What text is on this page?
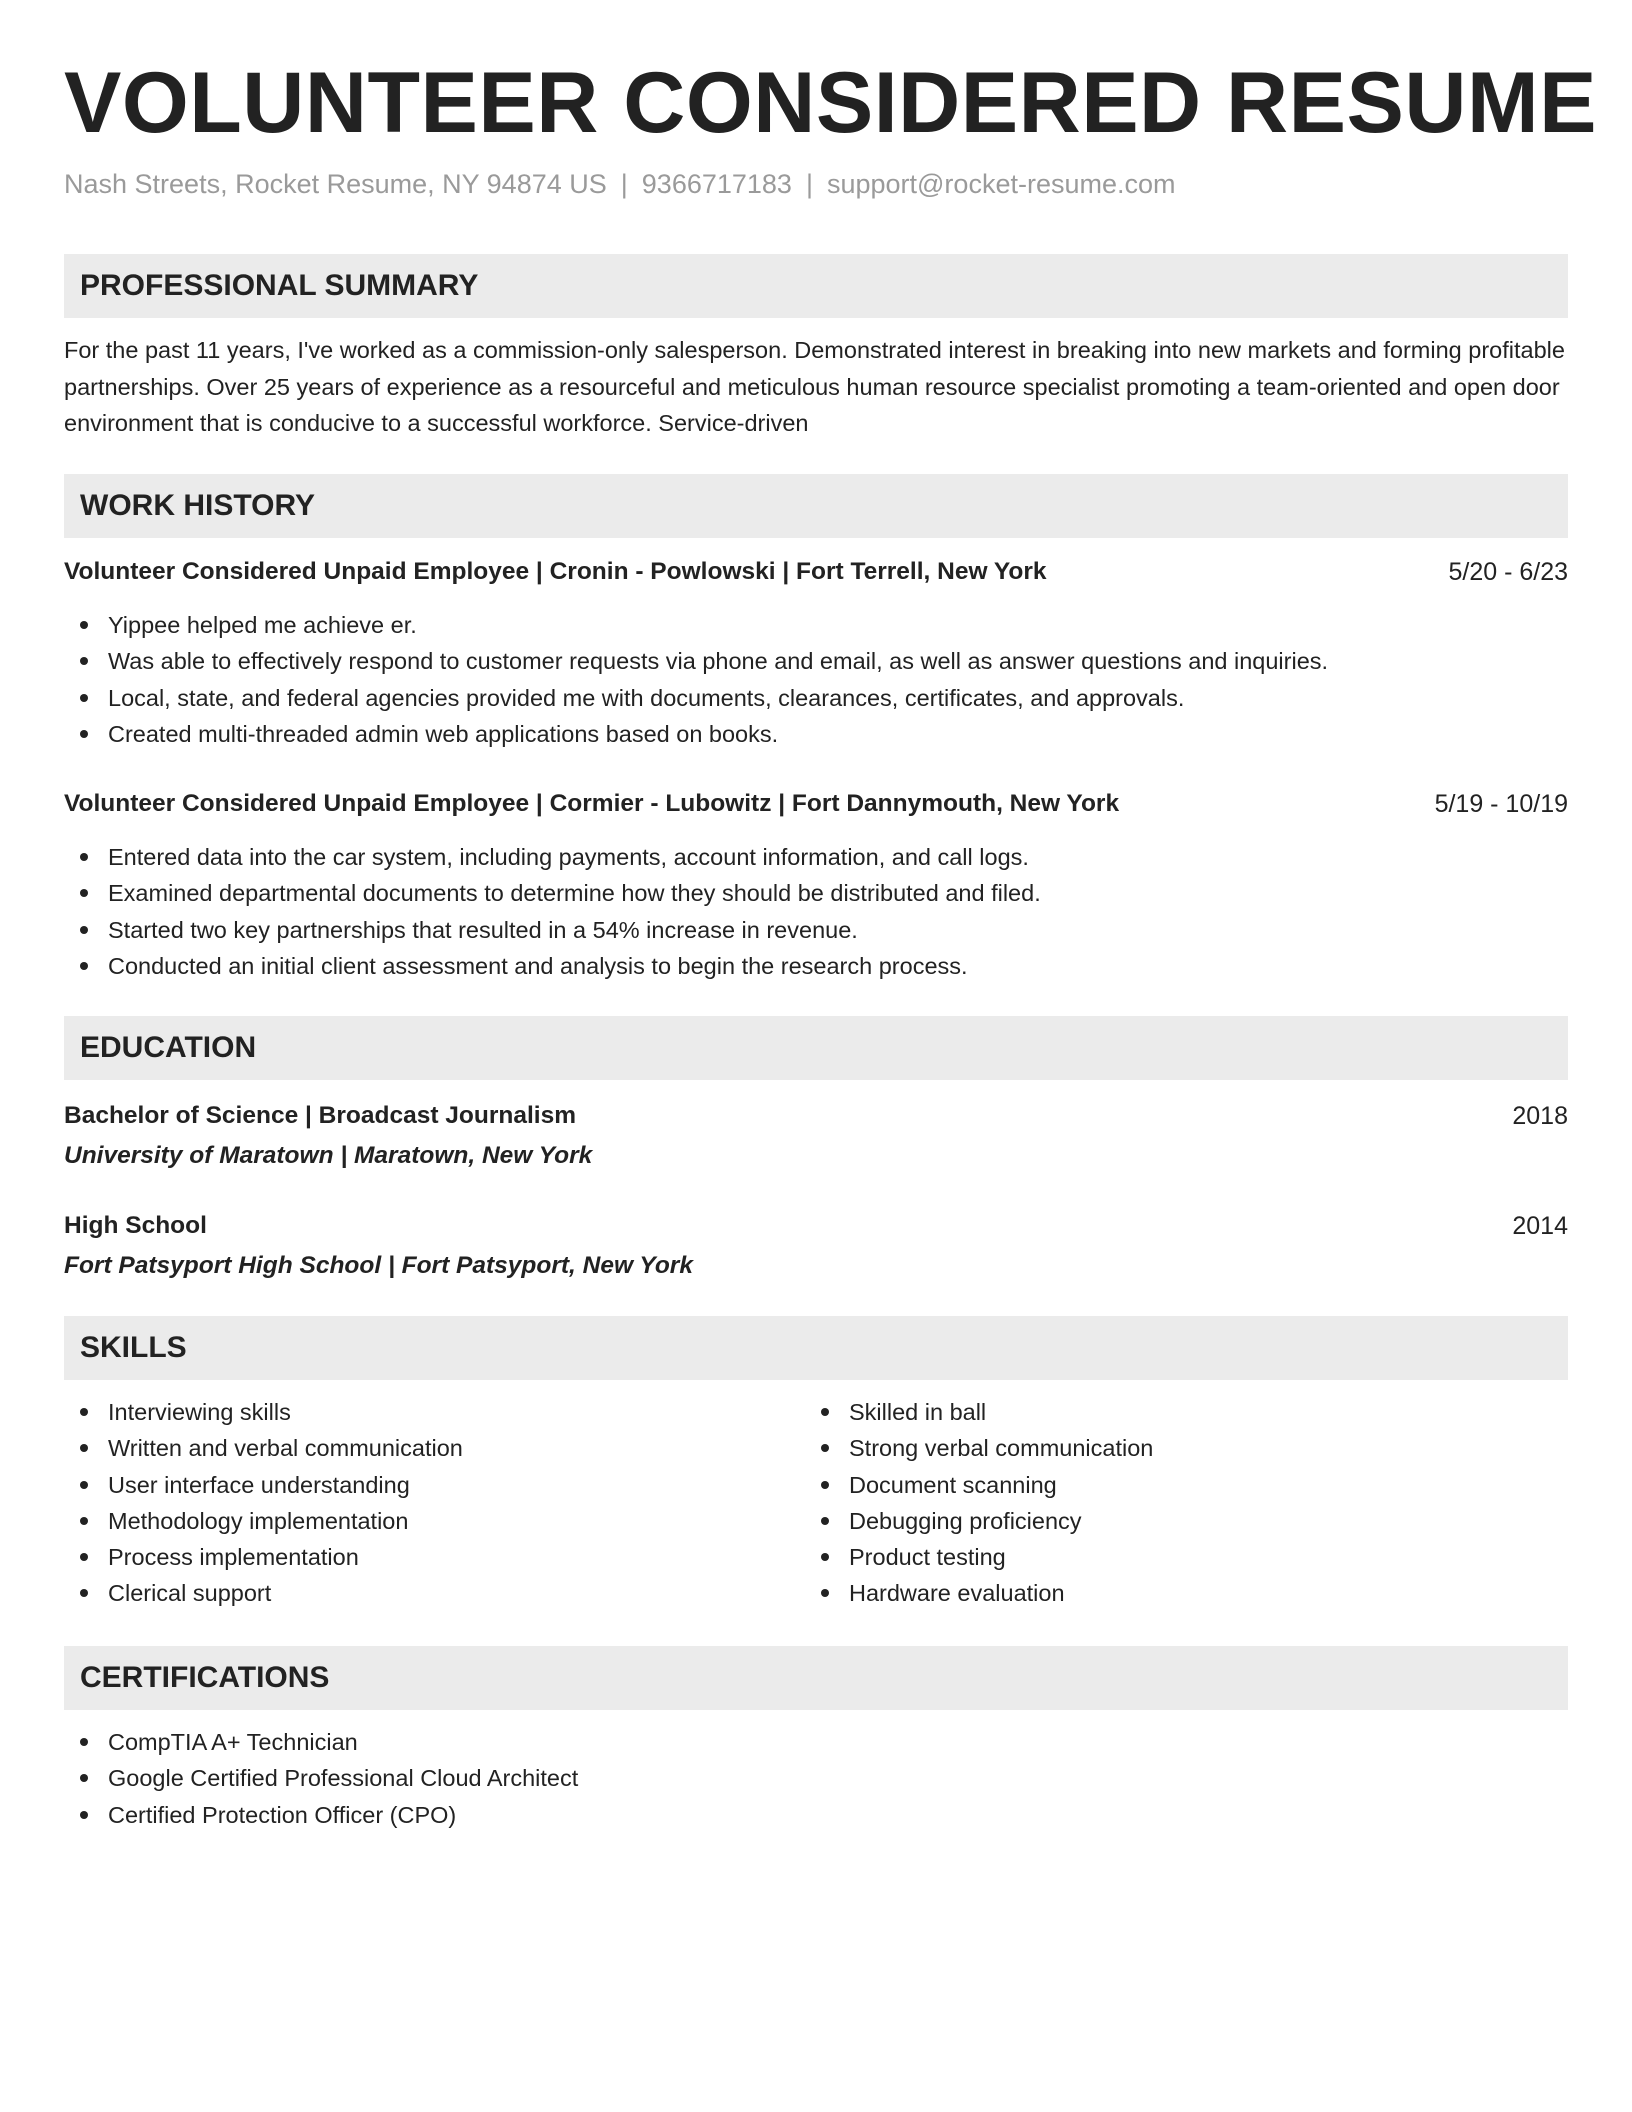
VOLUNTEER CONSIDERED RESUME
Nash Streets, Rocket Resume, NY 94874 US | 9366717183 | support@rocket-resume.com
PROFESSIONAL SUMMARY
For the past 11 years, I've worked as a commission-only salesperson. Demonstrated interest in breaking into new markets and forming profitable partnerships. Over 25 years of experience as a resourceful and meticulous human resource specialist promoting a team-oriented and open door environment that is conducive to a successful workforce. Service-driven
WORK HISTORY
Volunteer Considered Unpaid Employee | Cronin - Powlowski | Fort Terrell, New York	5/20 - 6/23
Yippee helped me achieve er.
Was able to effectively respond to customer requests via phone and email, as well as answer questions and inquiries.
Local, state, and federal agencies provided me with documents, clearances, certificates, and approvals.
Created multi-threaded admin web applications based on books.
Volunteer Considered Unpaid Employee | Cormier - Lubowitz | Fort Dannymouth, New York	5/19 - 10/19
Entered data into the car system, including payments, account information, and call logs.
Examined departmental documents to determine how they should be distributed and filed.
Started two key partnerships that resulted in a 54% increase in revenue.
Conducted an initial client assessment and analysis to begin the research process.
EDUCATION
Bachelor of Science | Broadcast Journalism	2018
University of Maratown | Maratown, New York
High School	2014
Fort Patsyport High School | Fort Patsyport, New York
SKILLS
Interviewing skills
Written and verbal communication
User interface understanding
Methodology implementation
Process implementation
Clerical support
Skilled in ball
Strong verbal communication
Document scanning
Debugging proficiency
Product testing
Hardware evaluation
CERTIFICATIONS
CompTIA A+ Technician
Google Certified Professional Cloud Architect
Certified Protection Officer (CPO)
